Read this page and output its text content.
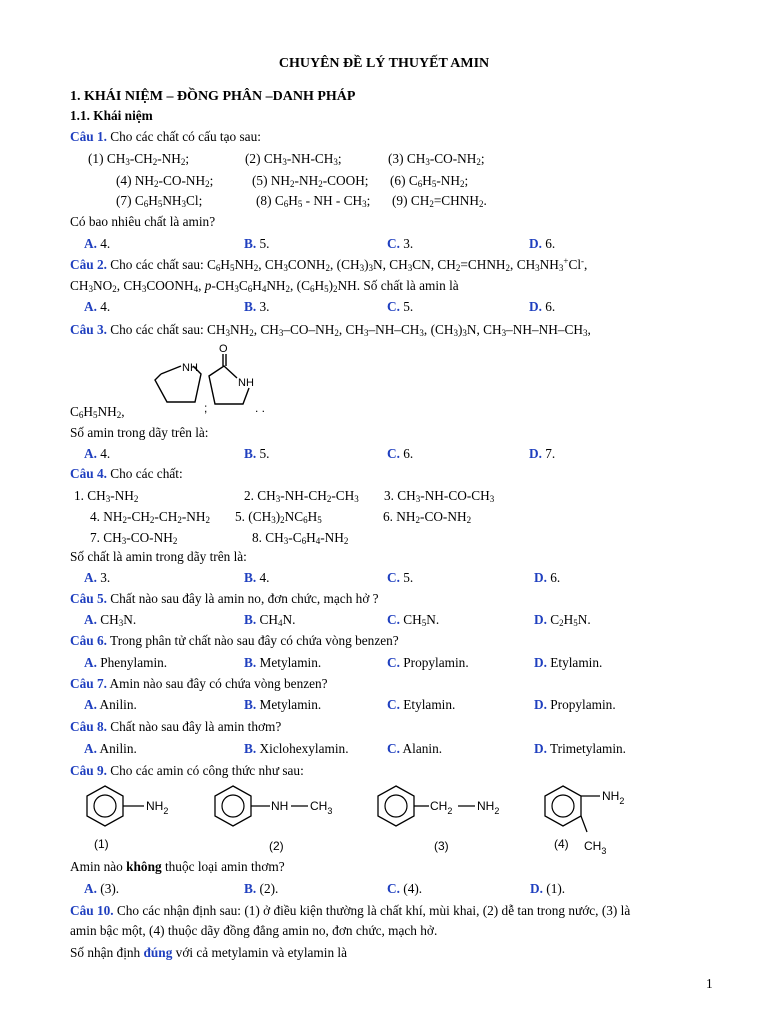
CHUYÊN ĐỀ LÝ THUYẾT AMIN
1. KHÁI NIỆM – ĐỒNG PHÂN –DANH PHÁP
1.1. Khái niệm
Câu 1. Cho các chất có cấu tạo sau:
(1) $CH_3-CH_2-NH_2$;	(2) $CH_3-NH-CH_3$;	(3) $CH_3-CO-NH_2$;
(4) $NH_2-CO-NH_2$;	(5) $NH_2-NH_2$-COOH; (6) $C_6H_5-NH_2$;
(7) $C_6H_5NH_3Cl$;	(8) $C_6H_5$ - NH - $CH_3$; (9) $CH_2=CHNH_2$.
Có bao nhiêu chất là amin?
A. 4.	B. 5.	C. 3.	D. 6.
Câu 2. Cho các chất sau: $C_6H_5NH_2$, $CH_3CONH_2$, $(CH_3)_3N$, $CH_3CN$, $CH_2=CHNH_2$, $CH_3NH_3^+Cl^-$,
$CH_3NO_2$, $CH_3COONH_4$, $p-CH_3C_6H_4NH_2$, $(C_6H_5)_2NH$. Số chất là amin là
A. 4.	B. 3.	C. 5.	D. 6.
Câu 3. Cho các chất sau: $CH_3NH_2$, $CH_3-CO-NH_2$, $CH_3-NH-CH_3$, $(CH_3)_3N$, $CH_3-NH-NH-CH_3$,
NH
O
NH
;	. .
$C_6H_5NH_2$,
Số amin trong dãy trên là:
A. 4.	B. 5.	C. 6.	D. 7.
Câu 4. Cho các chất:
1. $CH_3-NH_2$	2. $CH_3-NH-CH_2-CH_3$ 3. $CH_3-NH-CO-CH_3$
4. $NH_2-CH_2-CH_2-NH_2$ 5. $(CH_3)_2NC_6H_5$	6. $NH_2-CO-NH_2$
7. $CH_3-CO-NH_2$	8. $CH_3-C_6H_4-NH_2$
Số chất là amin trong dãy trên là:
A. 3.	B. 4.	C. 5.	D. 6.
Câu 5. Chất nào sau đây là amin no, đơn chức, mạch hở ?
A. $CH_3N$.	B. $CH_4N$.	C. $CH_5N$.	D. $C_2H_5N$.
Câu 6. Trong phân tử chất nào sau đây có chứa vòng benzen?
A. Phenylamin.	B. Metylamin.	C. Propylamin.	D. Etylamin.
Câu 7. Amin nào sau đây có chứa vòng benzen?
A. Anilin.	B. Metylamin.	C. Etylamin.	D. Propylamin.
Câu 8. Chất nào sau đây là amin thơm?
A. Anilin.	B. Xiclohexylamin.	C. Alanin.	D. Trimetylamin.
Câu 9. Cho các amin có công thức như sau:
$NH_2$
(1)
NH $CH_3$
(2)
$CH_2$ $NH_2$
(3)
$NH_2$
(4) $CH_3$
Amin nào không thuộc loại amin thơm?
A. (3).	B. (2).	C. (4).	D. (1).
Câu 10. Cho các nhận định sau: (1) ở điều kiện thường là chất khí, mùi khai, (2) dễ tan trong nước, (3) là
amin bậc một, (4) thuộc dãy đồng đẳng amin no, đơn chức, mạch hở.
Số nhận định đúng với cả metylamin và etylamin là
1
